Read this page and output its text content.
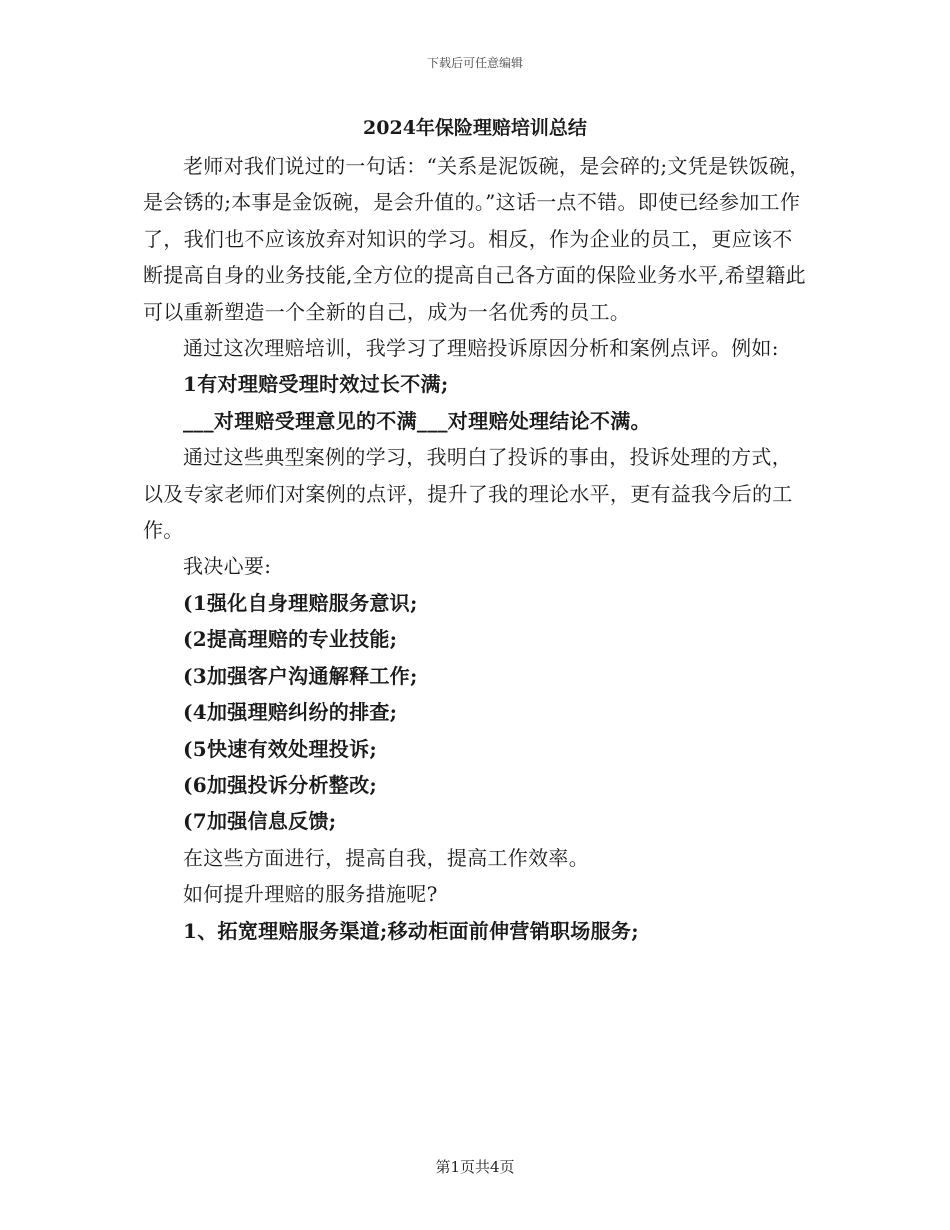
下载后可任意编辑
2024年保险理赔培训总结

老师对我们说过的一句话：“关系是泥饭碗，是会碎的;文凭是铁饭碗，是会锈的;本事是金饭碗，是会升值的。”这话一点不错。即使已经参加工作了，我们也不应该放弃对知识的学习。相反，作为企业的员工，更应该不断提高自身的业务技能,全方位的提高自己各方面的保险业务水平,希望籍此可以重新塑造一个全新的自己，成为一名优秀的员工。

通过这次理赔培训，我学习了理赔投诉原因分析和案例点评。例如:

1有对理赔受理时效过长不满;

___对理赔受理意见的不满___对理赔处理结论不满。

通过这些典型案例的学习，我明白了投诉的事由，投诉处理的方式，以及专家老师们对案例的点评，提升了我的理论水平，更有益我今后的工作。

我决心要:

(1强化自身理赔服务意识;

(2提高理赔的专业技能;

(3加强客户沟通解释工作;

(4加强理赔纠纷的排查;

(5快速有效处理投诉;

(6加强投诉分析整改;

(7加强信息反馈;

在这些方面进行，提高自我，提高工作效率。

如何提升理赔的服务措施呢?

1、拓宽理赔服务渠道;移动柜面前伸营销职场服务;

第1页共4页
